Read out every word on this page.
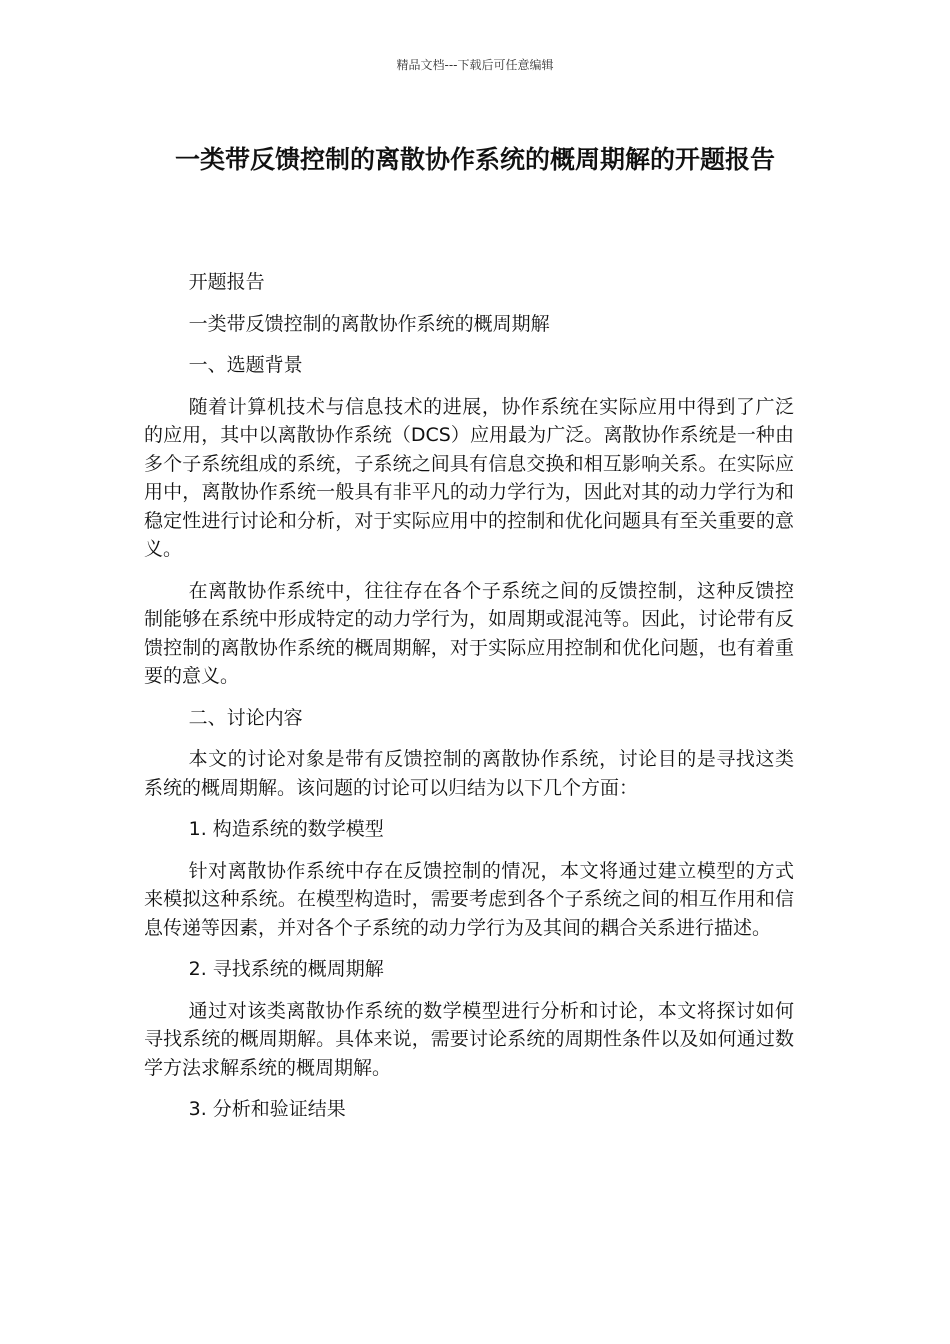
精品文档---下载后可任意编辑
一类带反馈控制的离散协作系统的概周期解的开题报告

开题报告

一类带反馈控制的离散协作系统的概周期解

一、选题背景

随着计算机技术与信息技术的进展，协作系统在实际应用中得到了广泛的应用，其中以离散协作系统（DCS）应用最为广泛。离散协作系统是一种由多个子系统组成的系统，子系统之间具有信息交换和相互影响关系。在实际应用中，离散协作系统一般具有非平凡的动力学行为，因此对其的动力学行为和稳定性进行讨论和分析，对于实际应用中的控制和优化问题具有至关重要的意义。

在离散协作系统中，往往存在各个子系统之间的反馈控制，这种反馈控制能够在系统中形成特定的动力学行为，如周期或混沌等。因此，讨论带有反馈控制的离散协作系统的概周期解，对于实际应用控制和优化问题，也有着重要的意义。

二、讨论内容

本文的讨论对象是带有反馈控制的离散协作系统，讨论目的是寻找这类系统的概周期解。该问题的讨论可以归结为以下几个方面：

1. 构造系统的数学模型

针对离散协作系统中存在反馈控制的情况，本文将通过建立模型的方式来模拟这种系统。在模型构造时，需要考虑到各个子系统之间的相互作用和信息传递等因素，并对各个子系统的动力学行为及其间的耦合关系进行描述。

2. 寻找系统的概周期解

通过对该类离散协作系统的数学模型进行分析和讨论，本文将探讨如何寻找系统的概周期解。具体来说，需要讨论系统的周期性条件以及如何通过数学方法求解系统的概周期解。

3. 分析和验证结果
